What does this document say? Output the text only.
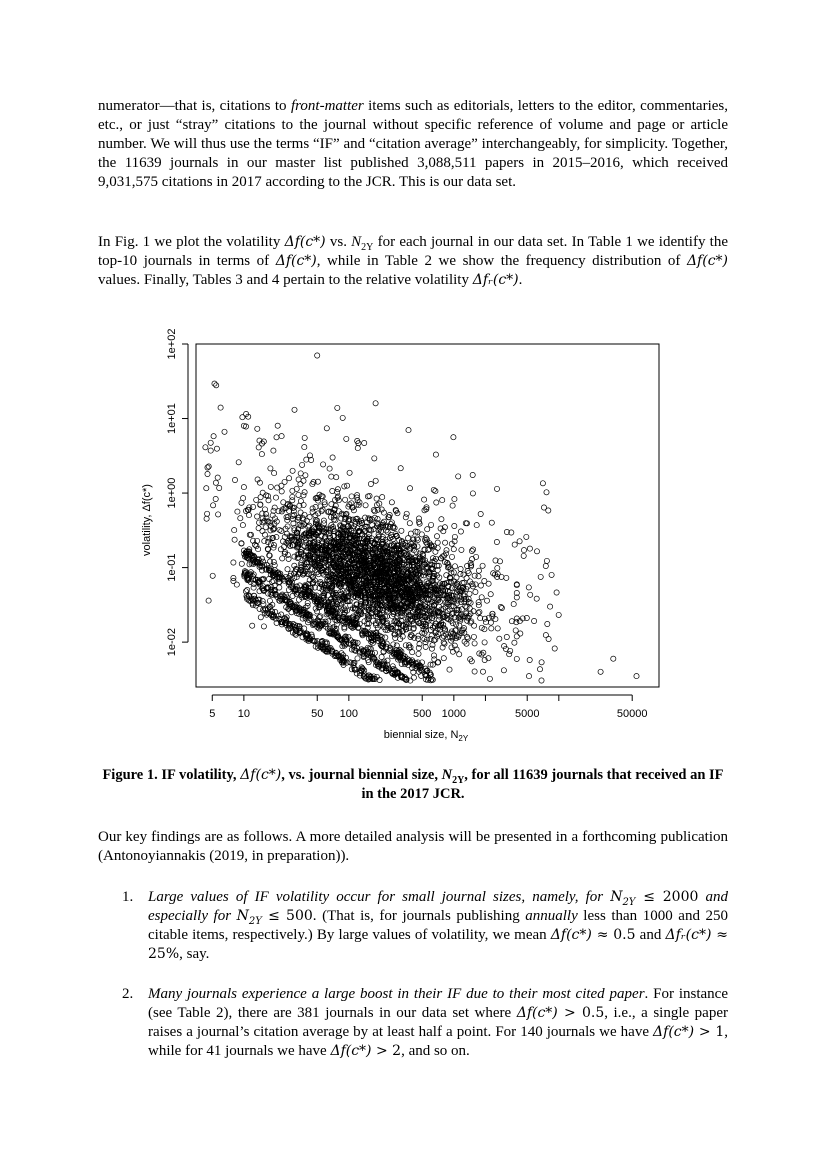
numerator—that is, citations to front-matter items such as editorials, letters to the editor, commentaries, etc., or just “stray” citations to the journal without specific reference of volume and page or article number. We will thus use the terms “IF” and “citation average” interchangeably, for simplicity. Together, the 11639 journals in our master list published 3,088,511 papers in 2015–2016, which received 9,031,575 citations in 2017 according to the JCR. This is our data set.

In Fig. 1 we plot the volatility Δ𝑓(𝑐*) vs. $N_{2Y}$ for each journal in our data set. In Table 1 we identify the top-10 journals in terms of Δ𝑓(𝑐*), while in Table 2 we show the frequency distribution of Δ𝑓(𝑐*) values. Finally, Tables 3 and 4 pertain to the relative volatility Δ𝑓ᵣ(𝑐*).

5 10	50 100	500 1000	5000	50000
1e-02
1e-01
1e+00
1e+01
1e+02
biennial size, $N_{2Y}$
volatility, Δf(c*)
Figure 1. IF volatility, Δ𝑓(𝑐*), vs. journal biennial size, $N_{2Y}$, for all 11639 journals that received an IF in the 2017 JCR.

Our key findings are as follows. A more detailed analysis will be presented in a forthcoming publication (Antonoyiannakis (2019, in preparation)).

1. Large values of IF volatility occur for small journal sizes, namely, for $N_{2𝑌} \le 2000$ and especially for $N_{2𝑌} \le 500$. (That is, for journals publishing annually less than 1000 and 250 citable items, respectively.) By large values of volatility, we mean Δ𝑓(𝑐*) ≈ 0.5 and Δ𝑓ᵣ(𝑐*) ≈ 25%, say.
2. Many journals experience a large boost in their IF due to their most cited paper. For instance (see Table 2), there are 381 journals in our data set where Δ𝑓(𝑐*) > 0.5, i.e., a single paper raises a journal’s citation average by at least half a point. For 140 journals we have Δ𝑓(𝑐*) > 1, while for 41 journals we have Δ𝑓(𝑐*) > 2, and so on.
